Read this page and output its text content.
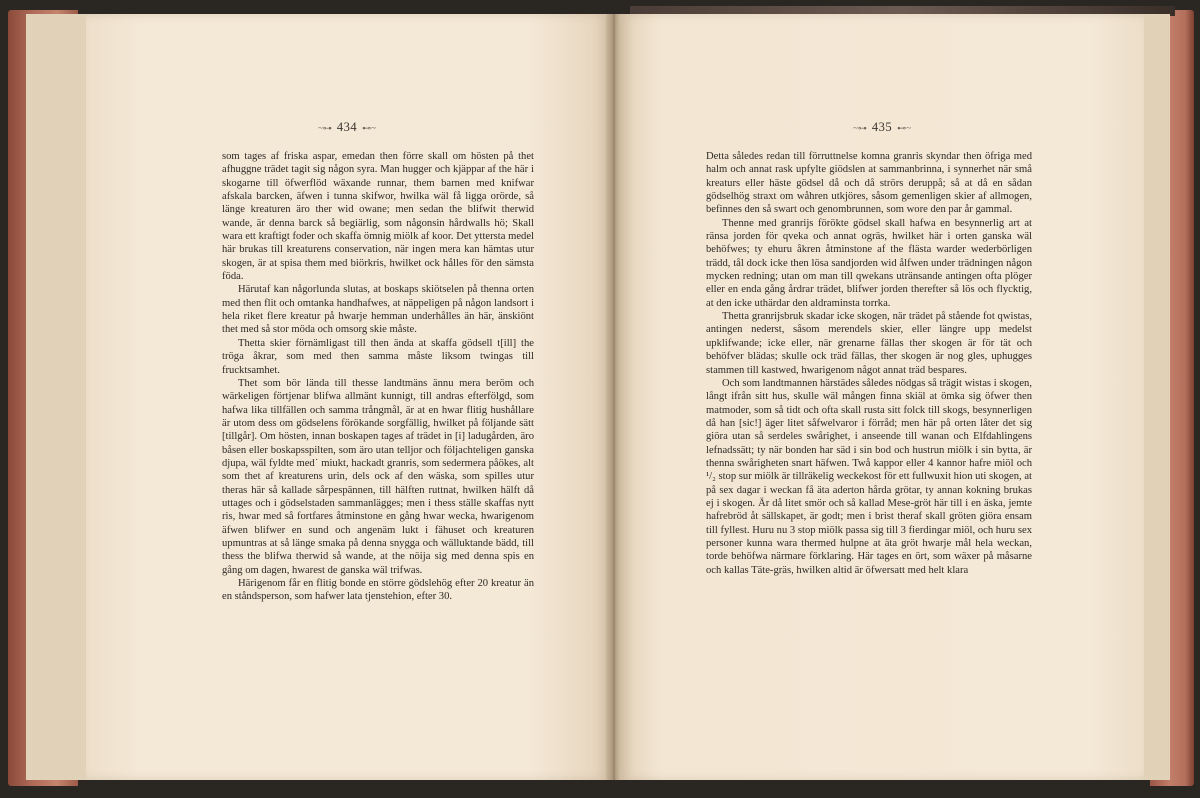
~⊶ 434 ⊷~

som tages af friska aspar, emedan then förre skall om hösten på thet afhuggne trädet tagit sig någon syra. Man hugger och kjäppar af the här i skogarne till öfwerflöd wäxande runnar, them barnen med knifwar afskala barcken, äfwen i tunna skifwor, hwilka wäl få ligga orörde, så länge kreaturen äro ther wid owane; men sedan the blifwit therwid wande, är denna barck så begiärlig, som någonsin hårdwalls hö; Skall wara ett kraftigt foder och skaffa ömnig miölk af koor. Det yttersta medel här brukas till kreaturens conservation, när ingen mera kan hämtas utur skogen, är at spisa them med biörkris, hwilket ock hålles för den sämsta föda.

Härutaf kan någorlunda slutas, at boskaps skiötselen på thenna orten med then flit och omtanka handhafwes, at näppeligen på någon landsort i hela riket flere kreatur på hwarje hemman underhålles än här, änskiönt thet med så stor möda och omsorg skie måste.

Thetta skier förnämligast till then ända at skaffa gödsell t[ill] the tröga åkrar, som med then samma måste liksom twingas till frucktsamhet.

Thet som bör lända till thesse landtmäns ännu mera beröm och wärkeligen förtjenar blifwa allmänt kunnigt, till andras efterfölgd, som hafwa lika tillfällen och samma trångmål, är at en hwar flitig hushållare är utom dess om gödselens förökande sorgfällig, hwilket på följande sätt [tillgår]. Om hösten, innan boskapen tages af trädet in [i] ladugården, äro båsen eller boskapsspilten, som äro utan telljor och följachteligen ganska djupa, wäl fyldte med˙ miukt, hackadt granris, som sedermera påökes, alt som thet af kreaturens urin, dels ock af den wäska, som spilles utur theras här så kallade sårpespännen, till hälften ruttnat, hwilken hälft då uttages och i gödselstaden sammanlägges; men i thess ställe skaffas nytt ris, hwar med så fortfares åtminstone en gång hwar wecka, hwarigenom äfwen blifwer en sund och angenäm lukt i fähuset och kreaturen upmuntras at så länge smaka på denna snygga och wälluktande bädd, till thess the blifwa therwid så wande, at the nöija sig med denna spis en gång om dagen, hwarest de ganska wäl trifwas.

Härigenom får en flitig bonde en större gödslehög efter 20 kreatur än en ståndsperson, som hafwer lata tjenstehion, efter 30.

~⊶ 435 ⊷~

Detta således redan till förruttnelse komna granris skyndar then öfriga med halm och annat rask upfylte giödslen at sammanbrinna, i synnerhet när små kreaturs eller häste gödsel då och då strörs deruppå; så at då en sådan gödselhög straxt om wåhren utkjöres, såsom gemenligen skier af allmogen, befinnes den så swart och genombrunnen, som wore den par år gammal.

Thenne med granrijs förökte gödsel skall hafwa en besynnerlig art at ränsa jorden för qveka och annat ogräs, hwilket här i orten ganska wäl behöfwes; ty ehuru åkren åtminstone af the flästa warder wederbörligen trädd, tål dock icke then lösa sandjorden wid ålfwen under trädningen någon mycken redning; utan om man till qwekans utränsande antingen ofta plöger eller en enda gång årdrar trädet, blifwer jorden therefter så lös och flycktig, at den icke uthärdar den aldraminsta torrka.

Thetta granrijsbruk skadar icke skogen, när trädet på stående fot qwistas, antingen nederst, såsom merendels skier, eller längre upp medelst upklifwande; icke eller, när grenarne fällas ther skogen är för tät och behöfver blädas; skulle ock träd fällas, ther skogen är nog gles, uphugges stammen till kastwed, hwarigenom något annat träd bespares.

Och som landtmannen härstädes således nödgas så trägit wistas i skogen, långt ifrån sitt hus, skulle wäl mången finna skiäl at ömka sig öfwer then matmoder, som så tidt och ofta skall rusta sitt folck till skogs, besynnerligen då han [sic!] äger litet såfwelvaror i förråd; men här på orten låter det sig giöra utan så serdeles swårighet, i anseende till wanan och Elfdahlingens lefnadssätt; ty när bonden har säd i sin bod och hustrun miölk i sin bytta, är thenna swårigheten snart häfwen. Twå kappor eller 4 kannor hafre miöl och ¹/₂ stop sur miölk är tillräkelig weckekost för ett fullwuxit hion uti skogen, at på sex dagar i weckan få äta aderton hårda grötar, ty annan kokning brukas ej i skogen. Är då litet smör och så kallad Mese-gröt här till i en äska, jemte hafrebröd åt sällskapet, är godt; men i brist theraf skall gröten giöra ensam till fyllest. Huru nu 3 stop miölk passa sig till 3 fierdingar miöl, och huru sex personer kunna wara thermed hulpne at äta gröt hwarje mål hela weckan, torde behöfwa närmare förklaring. Här tages en ört, som wäxer på måsarne och kallas Täte-gräs, hwilken altid är öfwersatt med helt klara
